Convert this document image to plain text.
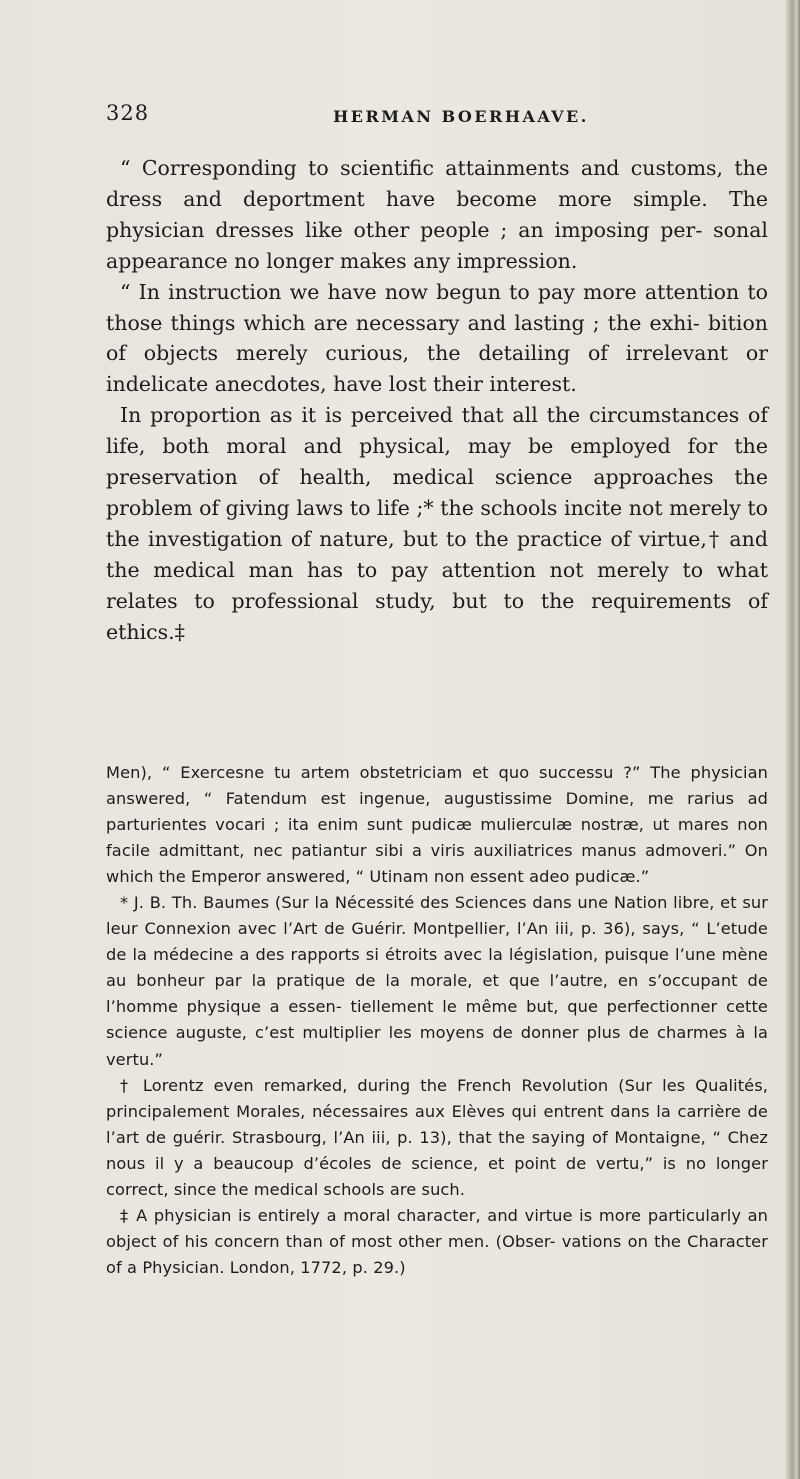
328	HERMAN BOERHAAVE.

“ Corresponding to scientific attainments and customs, the dress and deportment have become more simple. The physician dresses like other people ; an imposing per- sonal appearance no longer makes any impression.

“ In instruction we have now begun to pay more attention to those things which are necessary and lasting ; the exhi- bition of objects merely curious, the detailing of irrelevant or indelicate anecdotes, have lost their interest.

In proportion as it is perceived that all the circumstances of life, both moral and physical, may be employed for the preservation of health, medical science approaches the problem of giving laws to life ;* the schools incite not merely to the investigation of nature, but to the practice of virtue,† and the medical man has to pay attention not merely to what relates to professional study, but to the requirements of ethics.‡

Men), “ Exercesne tu artem obstetriciam et quo successu ?” The physician answered, “ Fatendum est ingenue, augustissime Domine, me rarius ad parturientes vocari ; ita enim sunt pudicæ mulierculæ nostræ, ut mares non facile admittant, nec patiantur sibi a viris auxiliatrices manus admoveri.” On which the Emperor answered, “ Utinam non essent adeo pudicæ.”

* J. B. Th. Baumes (Sur la Nécessité des Sciences dans une Nation libre, et sur leur Connexion avec l’Art de Guérir. Montpellier, l’An iii, p. 36), says, “ L’etude de la médecine a des rapports si étroits avec la législation, puisque l’une mène au bonheur par la pratique de la morale, et que l’autre, en s’occupant de l’homme physique a essen- tiellement le même but, que perfectionner cette science auguste, c’est multiplier les moyens de donner plus de charmes à la vertu.”

† Lorentz even remarked, during the French Revolution (Sur les Qualités, principalement Morales, nécessaires aux Elèves qui entrent dans la carrière de l’art de guérir. Strasbourg, l’An iii, p. 13), that the saying of Montaigne, “ Chez nous il y a beaucoup d’écoles de science, et point de vertu,” is no longer correct, since the medical schools are such.

‡ A physician is entirely a moral character, and virtue is more particularly an object of his concern than of most other men. (Obser- vations on the Character of a Physician. London, 1772, p. 29.)
